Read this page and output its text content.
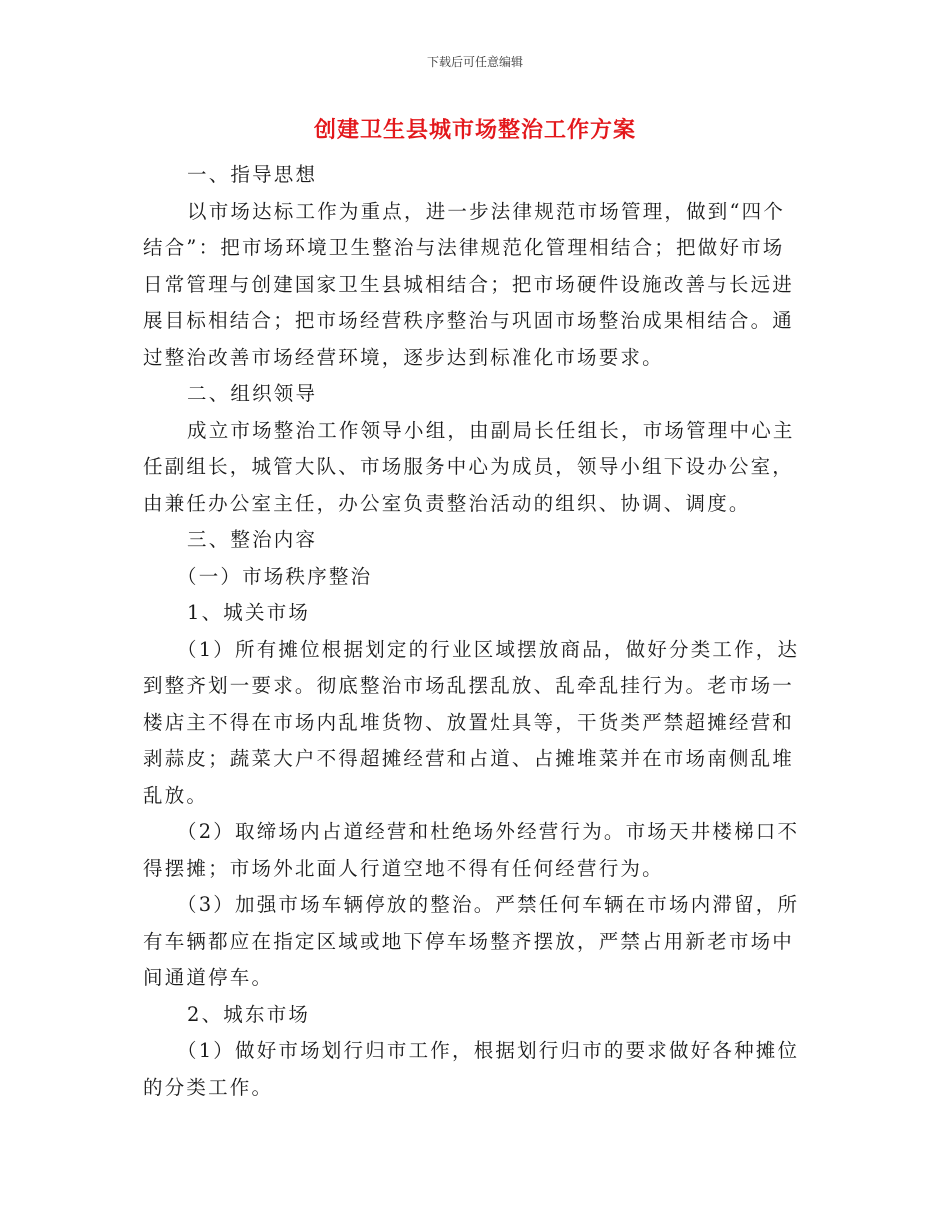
下载后可任意编辑
创建卫生县城市场整治工作方案
一、指导思想
以市场达标工作为重点，进一步法律规范市场管理，做到“四个
结合”：把市场环境卫生整治与法律规范化管理相结合；把做好市场
日常管理与创建国家卫生县城相结合；把市场硬件设施改善与长远进
展目标相结合；把市场经营秩序整治与巩固市场整治成果相结合。通
过整治改善市场经营环境，逐步达到标准化市场要求。
二、组织领导
成立市场整治工作领导小组，由副局长任组长，市场管理中心主
任副组长，城管大队、市场服务中心为成员，领导小组下设办公室，
由兼任办公室主任，办公室负责整治活动的组织、协调、调度。
三、整治内容
（一）市场秩序整治
1、城关市场
（1）所有摊位根据划定的行业区域摆放商品，做好分类工作，达
到整齐划一要求。彻底整治市场乱摆乱放、乱牵乱挂行为。老市场一
楼店主不得在市场内乱堆货物、放置灶具等，干货类严禁超摊经营和
剥蒜皮；蔬菜大户不得超摊经营和占道、占摊堆菜并在市场南侧乱堆
乱放。
（2）取缔场内占道经营和杜绝场外经营行为。市场天井楼梯口不
得摆摊；市场外北面人行道空地不得有任何经营行为。
（3）加强市场车辆停放的整治。严禁任何车辆在市场内滞留，所
有车辆都应在指定区域或地下停车场整齐摆放，严禁占用新老市场中
间通道停车。
2、城东市场
（1）做好市场划行归市工作，根据划行归市的要求做好各种摊位
的分类工作。
